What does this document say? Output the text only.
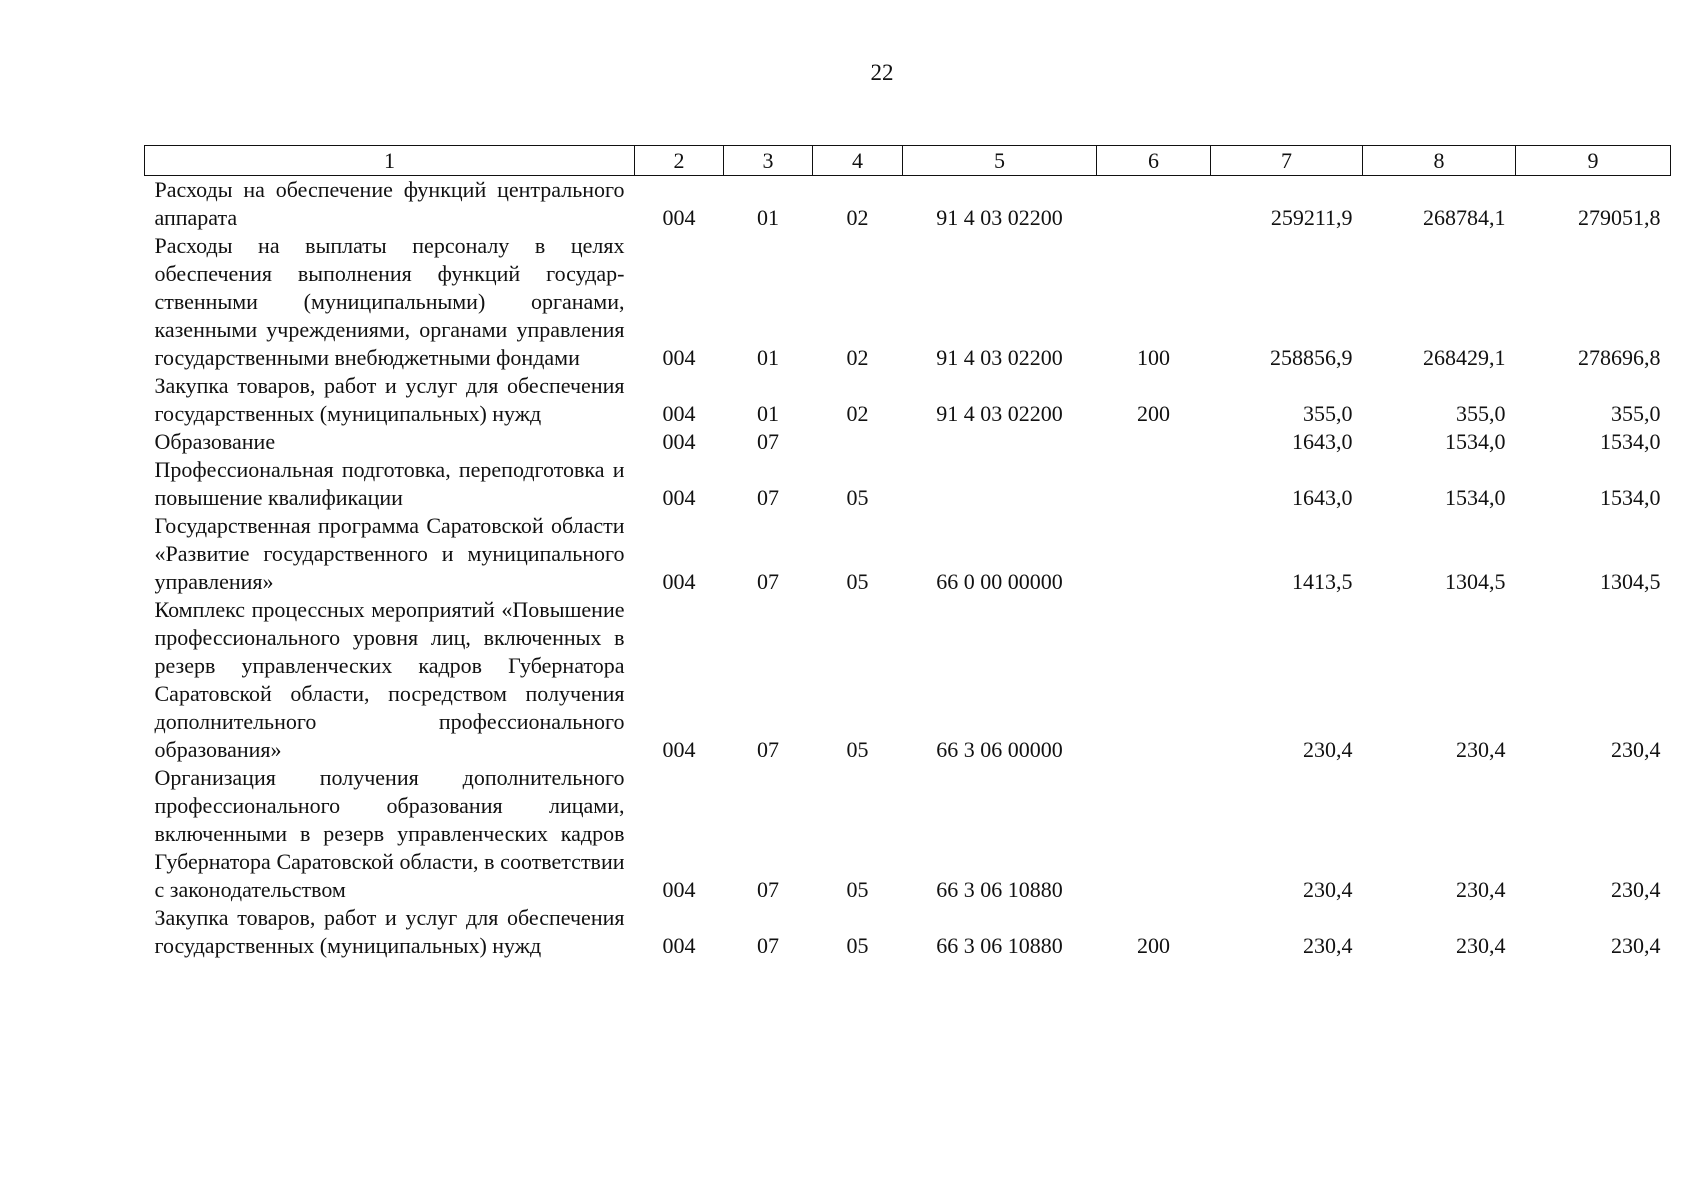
22
1	2	3	4	5	6	7	8	9
Расходы на обеспечение функций центрального аппарата	004	01	02	91 4 03 02200		259211,9	268784,1	279051,8
Расходы на выплаты персоналу в целях обеспечения выполнения функций государственными (муниципальными) органами, казенными учреждениями, органами управления государственными внебюджетными фондами	004	01	02	91 4 03 02200	100	258856,9	268429,1	278696,8
Закупка товаров, работ и услуг для обеспечения государственных (муниципальных) нужд	004	01	02	91 4 03 02200	200	355,0	355,0	355,0
Образование	004	07				1643,0	1534,0	1534,0
Профессиональная подготовка, переподготовка и повышение квалификации	004	07	05			1643,0	1534,0	1534,0
Государственная программа Саратовской области «Развитие государственного и муниципального управления»	004	07	05	66 0 00 00000		1413,5	1304,5	1304,5
Комплекс процессных мероприятий «Повышение профессионального уровня лиц, включенных в резерв управленческих кадров Губернатора Саратовской области, посредством получения дополнительного профессионального образования»	004	07	05	66 3 06 00000		230,4	230,4	230,4
Организация получения дополнительного профессионального образования лицами, включенными в резерв управленческих кадров Губернатора Саратовской области, в соответствии с законодательством	004	07	05	66 3 06 10880		230,4	230,4	230,4
Закупка товаров, работ и услуг для обеспечения государственных (муниципальных) нужд	004	07	05	66 3 06 10880	200	230,4	230,4	230,4
